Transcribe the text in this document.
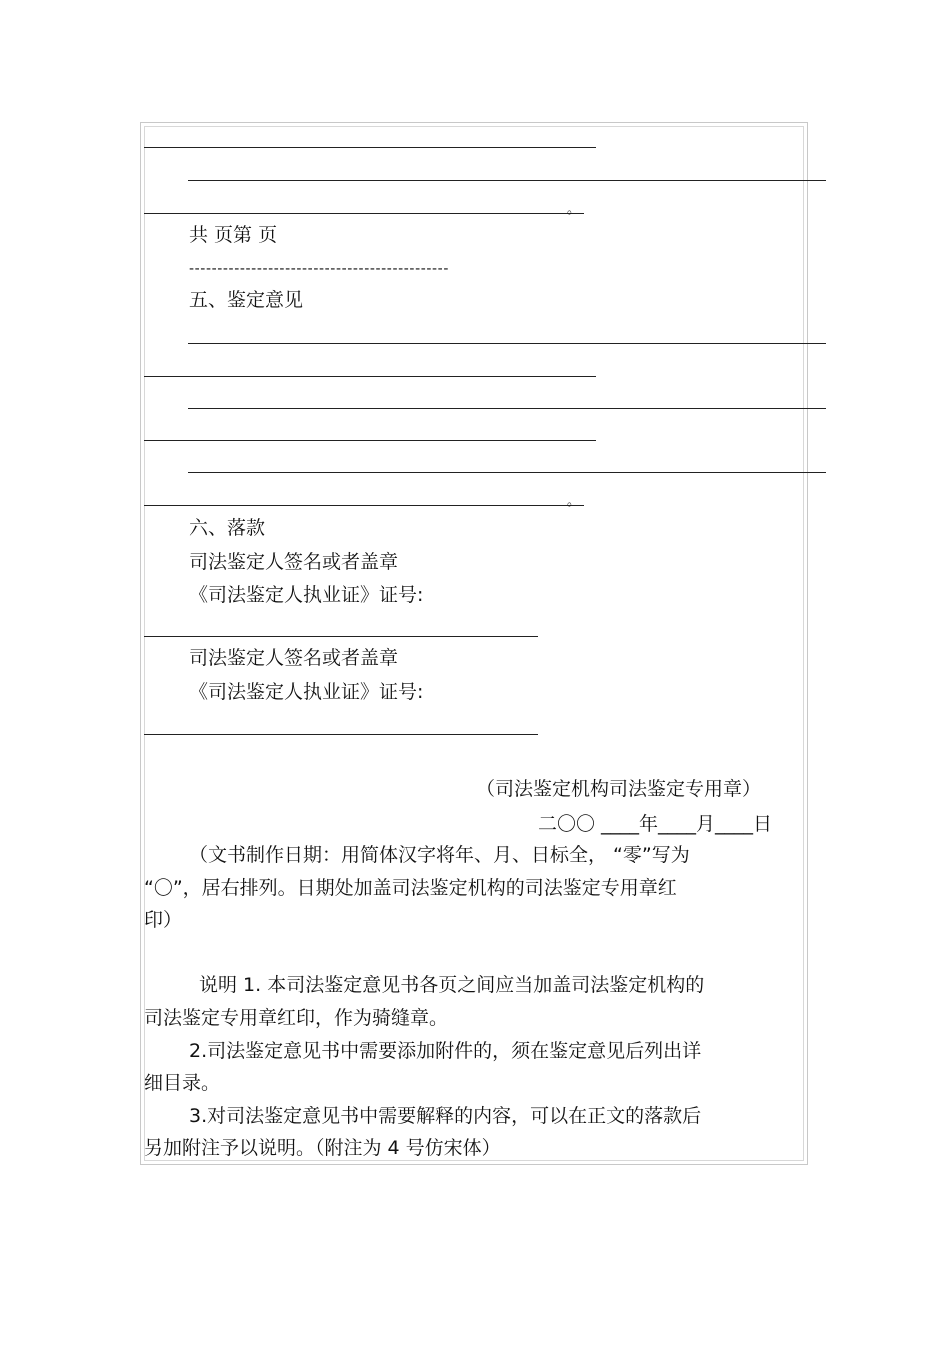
。
共 页第 页
----------------------------------------------
五、鉴定意见
。
六、落款
司法鉴定人签名或者盖章
《司法鉴定人执业证》证号:
司法鉴定人签名或者盖章
《司法鉴定人执业证》证号:
（司法鉴定机构司法鉴定专用章）
二〇〇 ____年____月____日
（文书制作日期：用简体汉字将年、月、日标全， “零”写为
“〇”，居右排列。日期处加盖司法鉴定机构的司法鉴定专用章红
印）
说明 1. 本司法鉴定意见书各页之间应当加盖司法鉴定机构的
司法鉴定专用章红印，作为骑缝章。
2.司法鉴定意见书中需要添加附件的，须在鉴定意见后列出详
细目录。
3.对司法鉴定意见书中需要解释的内容，可以在正文的落款后
另加附注予以说明。（附注为 4 号仿宋体）
